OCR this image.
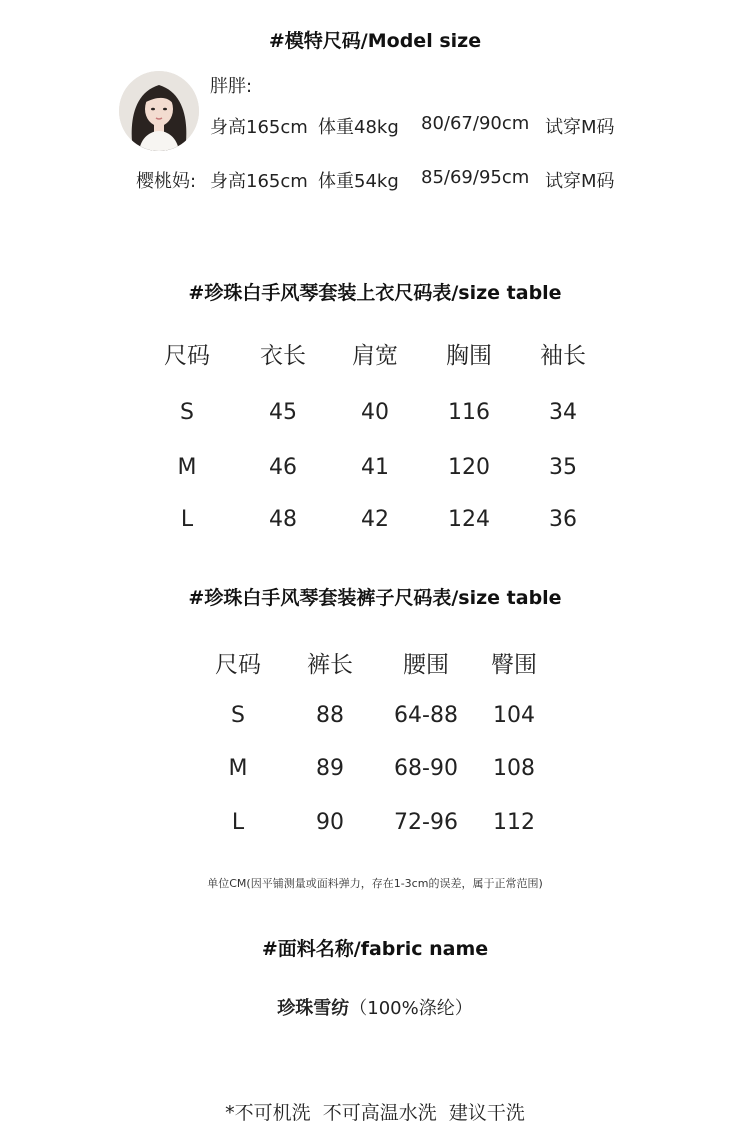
#模特尺码/Model size
胖胖:
身高165cm 体重48kg 80/67/90cm 试穿M码
樱桃妈: 身高165cm 体重54kg 85/69/95cm 试穿M码
#珍珠白手风琴套装上衣尺码表/size table
尺码	衣长	肩宽	胸围	袖长
S	45	40	116	34
M	46	41	120	35
L	48	42	124	36
#珍珠白手风琴套装裤子尺码表/size table
尺码	裤长	腰围	臀围
S	88	64-88	104
M	89	68-90	108
L	90	72-96	112
单位CM(因平铺测量或面料弹力，存在1-3cm的误差，属于正常范围)
#面料名称/fabric name
珍珠雪纺（100%涤纶）
*不可机洗  不可高温水洗  建议干洗
